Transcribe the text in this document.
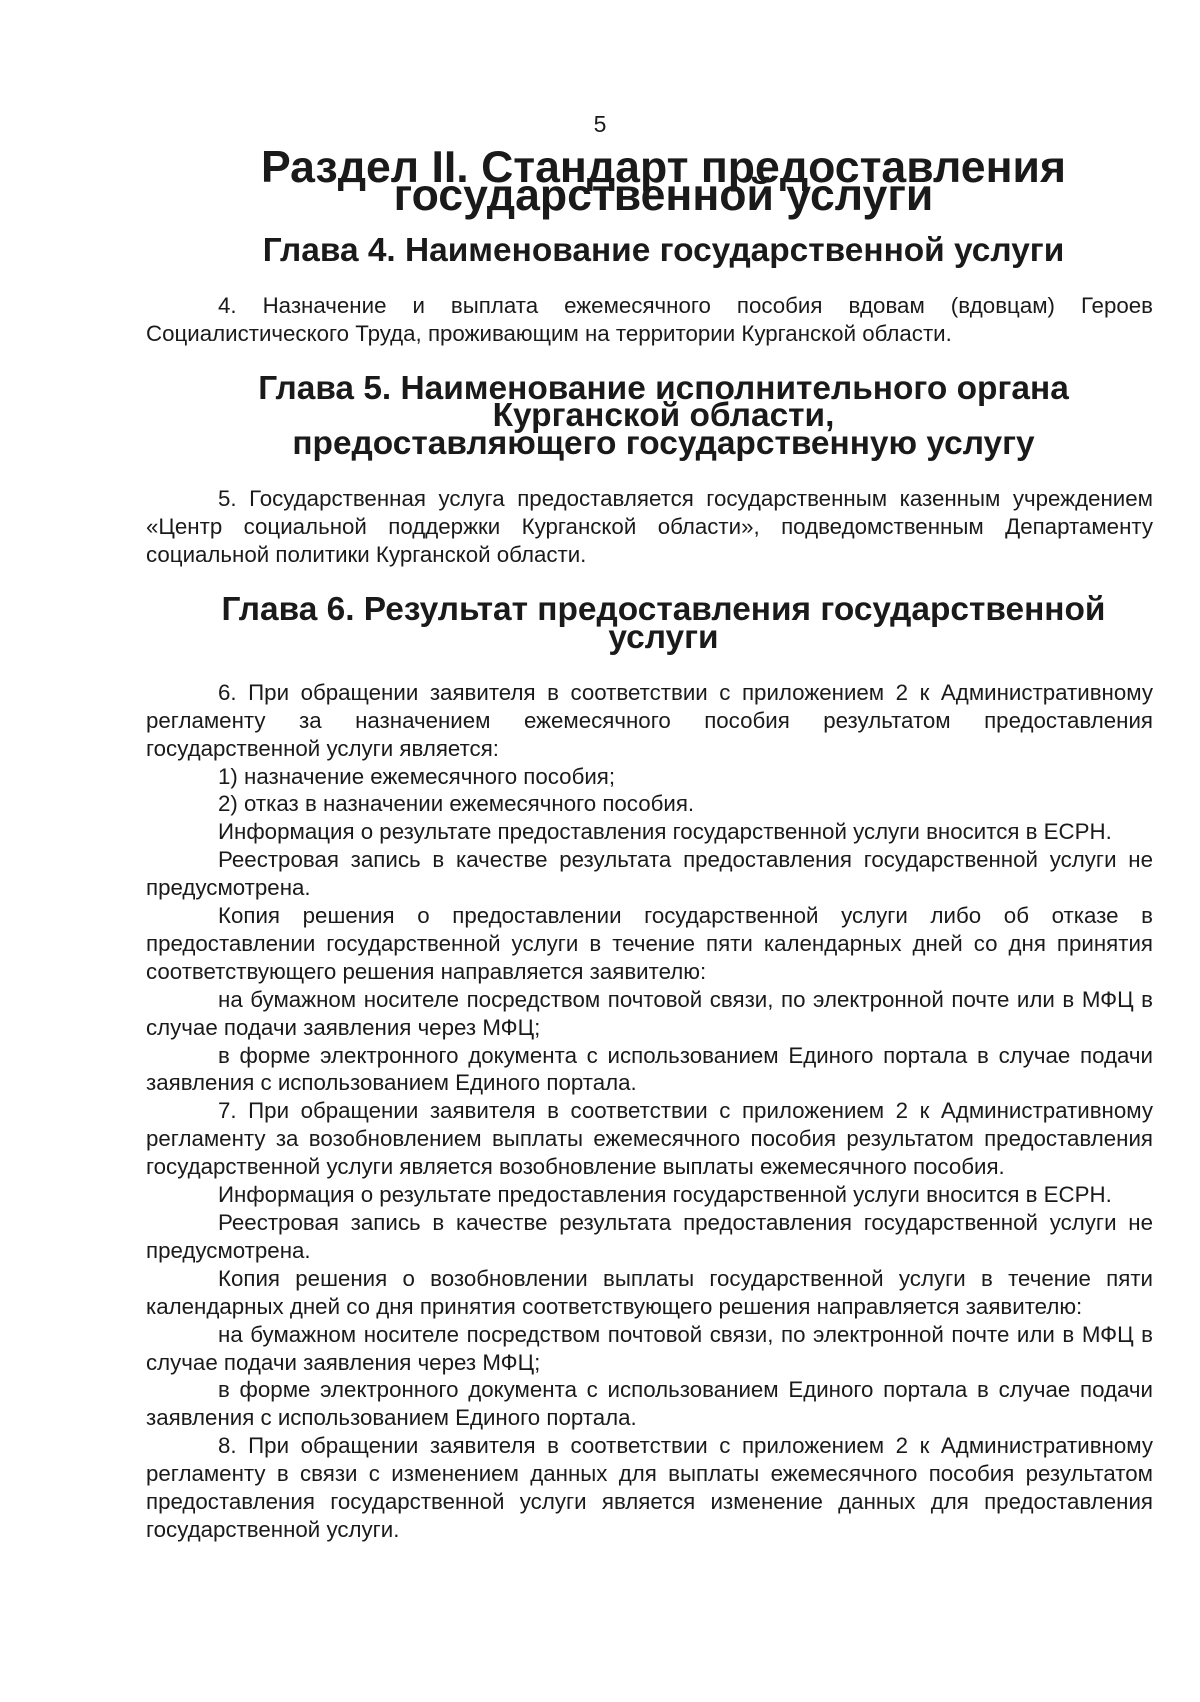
5
Раздел II. Стандарт предоставления государственной услуги
Глава 4. Наименование государственной услуги

4. Назначение и выплата ежемесячного пособия вдовам (вдовцам) Героев Социалистического Труда, проживающим на территории Курганской области.

Глава 5. Наименование исполнительного органа Курганской области,
предоставляющего государственную услугу

5. Государственная услуга предоставляется государственным казенным учреждением «Центр социальной поддержки Курганской области», подведомственным Департаменту социальной политики Курганской области.

Глава 6. Результат предоставления государственной услуги

6. При обращении заявителя в соответствии с приложением 2 к Административному регламенту за назначением ежемесячного пособия результатом предоставления государственной услуги является:

1) назначение ежемесячного пособия;

2) отказ в назначении ежемесячного пособия.

Информация о результате предоставления государственной услуги вносится в ЕСРН.

Реестровая запись в качестве результата предоставления государственной услуги не предусмотрена.

Копия решения о предоставлении государственной услуги либо об отказе в предоставлении государственной услуги в течение пяти календарных дней со дня принятия соответствующего решения направляется заявителю:

на бумажном носителе посредством почтовой связи, по электронной почте или в МФЦ в случае подачи заявления через МФЦ;

в форме электронного документа с использованием Единого портала в случае подачи заявления с использованием Единого портала.

7. При обращении заявителя в соответствии с приложением 2 к Административному регламенту за возобновлением выплаты ежемесячного пособия результатом предоставления государственной услуги является возобновление выплаты ежемесячного пособия.

Информация о результате предоставления государственной услуги вносится в ЕСРН.

Реестровая запись в качестве результата предоставления государственной услуги не предусмотрена.

Копия решения о возобновлении выплаты государственной услуги в течение пяти календарных дней со дня принятия соответствующего решения направляется заявителю:

на бумажном носителе посредством почтовой связи, по электронной почте или в МФЦ в случае подачи заявления через МФЦ;

в форме электронного документа с использованием Единого портала в случае подачи заявления с использованием Единого портала.

8. При обращении заявителя в соответствии с приложением 2 к Административному регламенту в связи с изменением данных для выплаты ежемесячного пособия результатом предоставления государственной услуги является изменение данных для предоставления государственной услуги.
